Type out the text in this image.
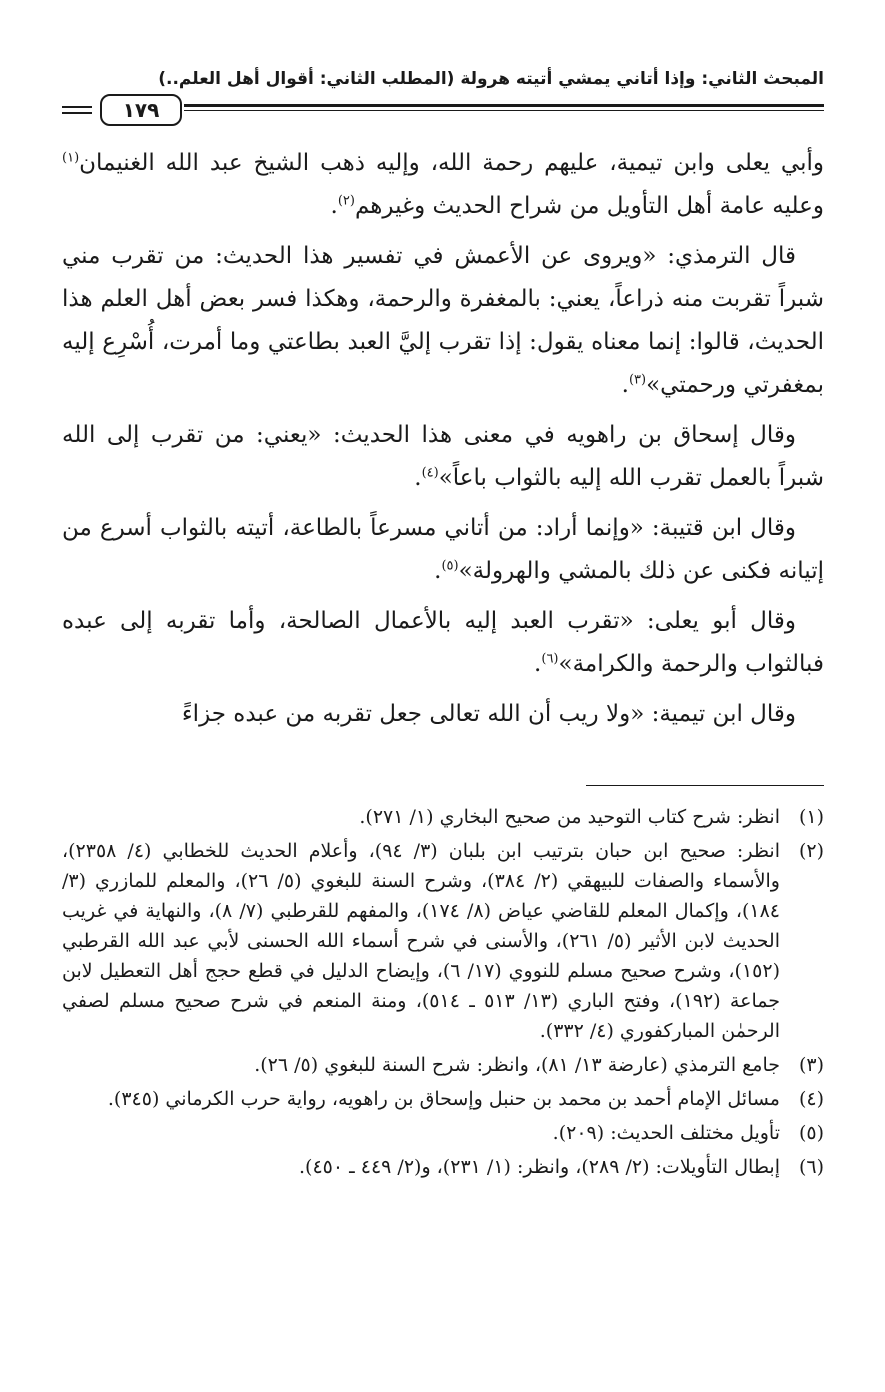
المبحث الثاني: وإذا أتاني يمشي أتيته هرولة (المطلب الثاني: أقوال أهل العلم..)
١٧٩

وأبي يعلى وابن تيمية، عليهم رحمة الله، وإليه ذهب الشيخ عبد الله الغنيمان$^{(١)}$ وعليه عامة أهل التأويل من شراح الحديث وغيرهم$^{(٢)}$.

قال الترمذي: «ويروى عن الأعمش في تفسير هذا الحديث: من تقرب مني شبراً تقربت منه ذراعاً، يعني: بالمغفرة والرحمة، وهكذا فسر بعض أهل العلم هذا الحديث، قالوا: إنما معناه يقول: إذا تقرب إليَّ العبد بطاعتي وما أمرت، أُسْرِع إليه بمغفرتي ورحمتي»$^{(٣)}$.

وقال إسحاق بن راهويه في معنى هذا الحديث: «يعني: من تقرب إلى الله شبراً بالعمل تقرب الله إليه بالثواب باعاً»$^{(٤)}$.

وقال ابن قتيبة: «وإنما أراد: من أتاني مسرعاً بالطاعة، أتيته بالثواب أسرع من إتيانه فكنى عن ذلك بالمشي والهرولة»$^{(٥)}$.

وقال أبو يعلى: «تقرب العبد إليه بالأعمال الصالحة، وأما تقربه إلى عبده فبالثواب والرحمة والكرامة»$^{(٦)}$.

وقال ابن تيمية: «ولا ريب أن الله تعالى جعل تقربه من عبده جزاءً

(١)
انظر: شرح كتاب التوحيد من صحيح البخاري (١/ ٢٧١).
(٢)
انظر: صحيح ابن حبان بترتيب ابن بلبان (٣/ ٩٤)، وأعلام الحديث للخطابي (٤/ ٢٣٥٨)، والأسماء والصفات للبيهقي (٢/ ٣٨٤)، وشرح السنة للبغوي (٥/ ٢٦)، والمعلم للمازري (٣/ ١٨٤)، وإكمال المعلم للقاضي عياض (٨/ ١٧٤)، والمفهم للقرطبي (٧/ ٨)، والنهاية في غريب الحديث لابن الأثير (٥/ ٢٦١)، والأسنى في شرح أسماء الله الحسنى لأبي عبد الله القرطبي (١٥٢)، وشرح صحيح مسلم للنووي (١٧/ ٦)، وإيضاح الدليل في قطع حجج أهل التعطيل لابن جماعة (١٩٢)، وفتح الباري (١٣/ ٥١٣ ـ ٥١٤)، ومنة المنعم في شرح صحيح مسلم لصفي الرحمٰن المباركفوري (٤/ ٣٣٢).
(٣)
جامع الترمذي (عارضة ١٣/ ٨١)، وانظر: شرح السنة للبغوي (٥/ ٢٦).
(٤)
مسائل الإمام أحمد بن محمد بن حنبل وإسحاق بن راهويه، رواية حرب الكرماني (٣٤٥).
(٥)
تأويل مختلف الحديث: (٢٠٩).
(٦)
إبطال التأويلات: (٢/ ٢٨٩)، وانظر: (١/ ٢٣١)، و(٢/ ٤٤٩ ـ ٤٥٠).
